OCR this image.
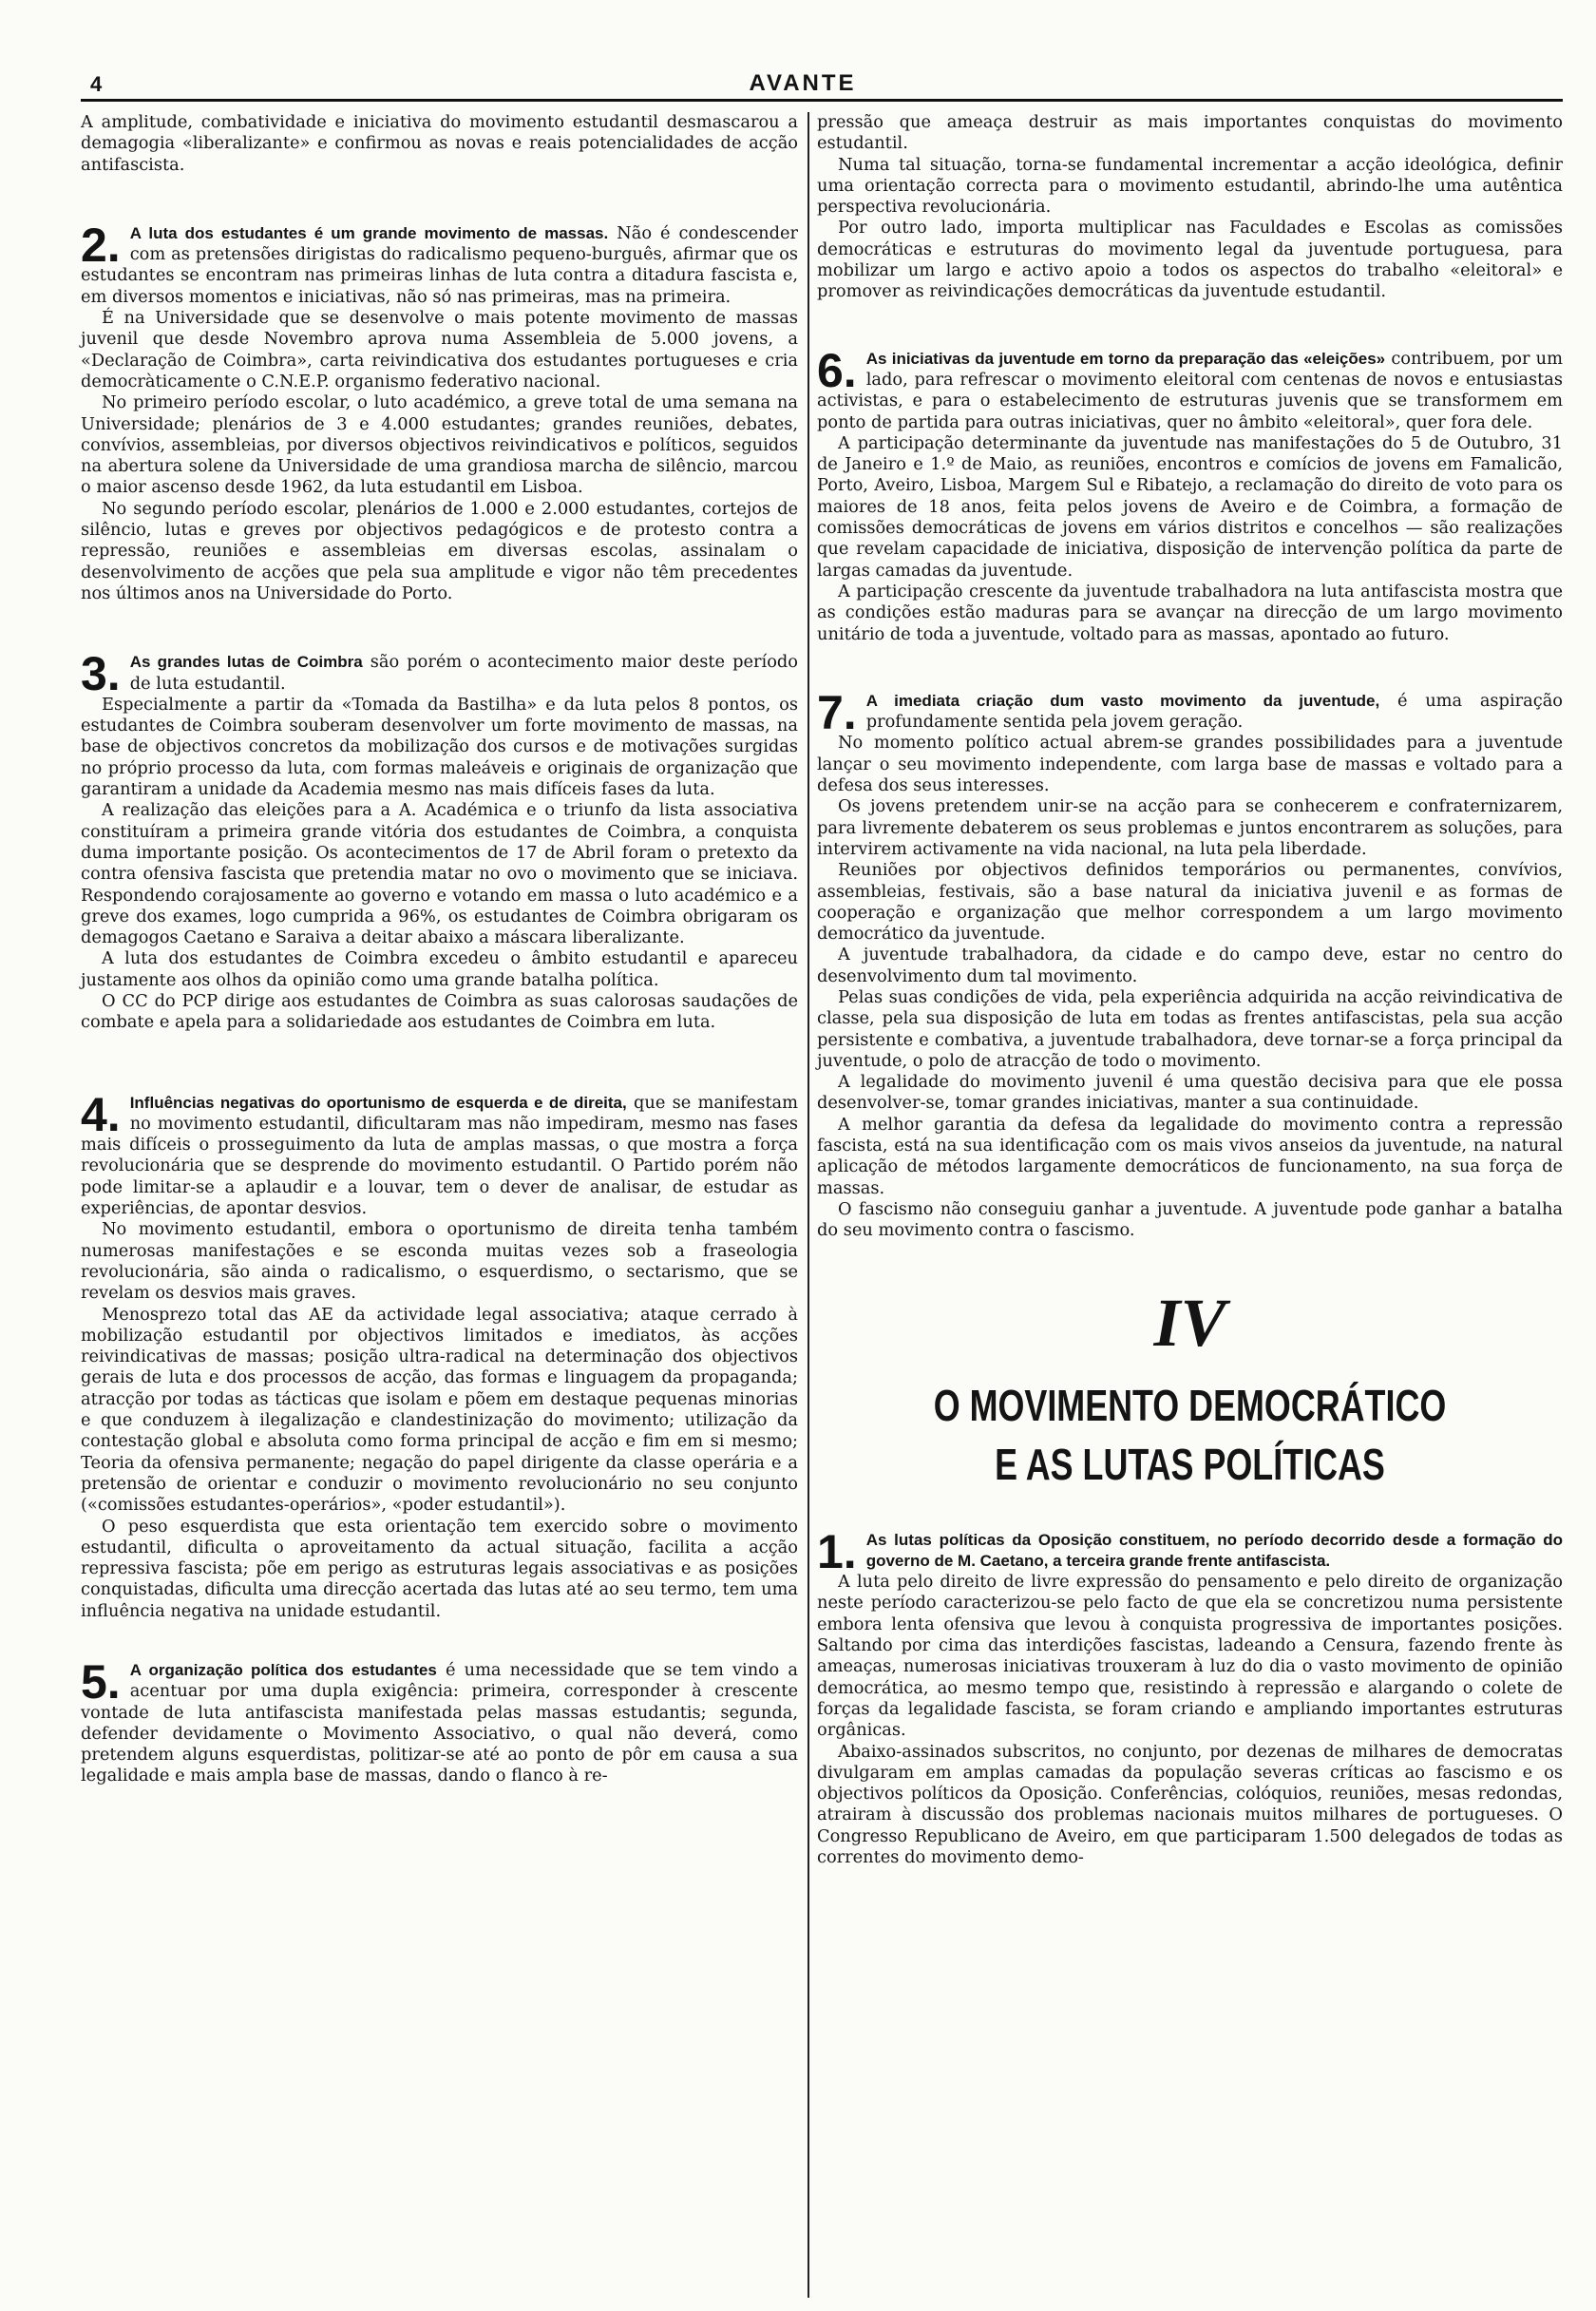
4	AVANTE

A amplitude, combatividade e iniciativa do movimento estudantil desmascarou a demagogia «liberalizante» e confirmou as novas e reais potencialidades de acção antifascista.

2. A luta dos estudantes é um grande movimento de massas. Não é condescender com as pretensões dirigistas do radicalismo pequeno-burguês, afirmar que os estudantes se encontram nas primeiras linhas de luta contra a ditadura fascista e, em diversos momentos e iniciativas, não só nas primeiras, mas na primeira.

É na Universidade que se desenvolve o mais potente movimento de massas juvenil que desde Novembro aprova numa Assembleia de 5.000 jovens, a «Declaração de Coimbra», carta reivindicativa dos estudantes portugueses e cria democràticamente o C.N.E.P. organismo federativo nacional.

No primeiro período escolar, o luto académico, a greve total de uma semana na Universidade; plenários de 3 e 4.000 estudantes; grandes reuniões, debates, convívios, assembleias, por diversos objectivos reivindicativos e políticos, seguidos na abertura solene da Universidade de uma grandiosa marcha de silêncio, marcou o maior ascenso desde 1962, da luta estudantil em Lisboa.

No segundo período escolar, plenários de 1.000 e 2.000 estudantes, cortejos de silêncio, lutas e greves por objectivos pedagógicos e de protesto contra a repressão, reuniões e assembleias em diversas escolas, assinalam o desenvolvimento de acções que pela sua amplitude e vigor não têm precedentes nos últimos anos na Universidade do Porto.

3. As grandes lutas de Coimbra são porém o acontecimento maior deste período de luta estudantil.

Especialmente a partir da «Tomada da Bastilha» e da luta pelos 8 pontos, os estudantes de Coimbra souberam desenvolver um forte movimento de massas, na base de objectivos concretos da mobilização dos cursos e de motivações surgidas no próprio processo da luta, com formas maleáveis e originais de organização que garantiram a unidade da Academia mesmo nas mais difíceis fases da luta.

A realização das eleições para a A. Académica e o triunfo da lista associativa constituíram a primeira grande vitória dos estudantes de Coimbra, a conquista duma importante posição. Os acontecimentos de 17 de Abril foram o pretexto da contra ofensiva fascista que pretendia matar no ovo o movimento que se iniciava. Respondendo corajosamente ao governo e votando em massa o luto académico e a greve dos exames, logo cumprida a 96%, os estudantes de Coimbra obrigaram os demagogos Caetano e Saraiva a deitar abaixo a máscara liberalizante.

A luta dos estudantes de Coimbra excedeu o âmbito estudantil e apareceu justamente aos olhos da opinião como uma grande batalha política.

O CC do PCP dirige aos estudantes de Coimbra as suas calorosas saudações de combate e apela para a solidariedade aos estudantes de Coimbra em luta.

4. Influências negativas do oportunismo de esquerda e de direita, que se manifestam no movimento estudantil, dificultaram mas não impediram, mesmo nas fases mais difíceis o prosseguimento da luta de amplas massas, o que mostra a força revolucionária que se desprende do movimento estudantil. O Partido porém não pode limitar-se a aplaudir e a louvar, tem o dever de analisar, de estudar as experiências, de apontar desvios.

No movimento estudantil, embora o oportunismo de direita tenha também numerosas manifestações e se esconda muitas vezes sob a fraseologia revolucionária, são ainda o radicalismo, o esquerdismo, o sectarismo, que se revelam os desvios mais graves.

Menosprezo total das AE da actividade legal associativa; ataque cerrado à mobilização estudantil por objectivos limitados e imediatos, às acções reivindicativas de massas; posição ultra-radical na determinação dos objectivos gerais de luta e dos processos de acção, das formas e linguagem da propaganda; atracção por todas as tácticas que isolam e põem em destaque pequenas minorias e que conduzem à ilegalização e clandestinização do movimento; utilização da contestação global e absoluta como forma principal de acção e fim em si mesmo; Teoria da ofensiva permanente; negação do papel dirigente da classe operária e a pretensão de orientar e conduzir o movimento revolucionário no seu conjunto («comissões estudantes-operários», «poder estudantil»).

O peso esquerdista que esta orientação tem exercido sobre o movimento estudantil, dificulta o aproveitamento da actual situação, facilita a acção repressiva fascista; põe em perigo as estruturas legais associativas e as posições conquistadas, dificulta uma direcção acertada das lutas até ao seu termo, tem uma influência negativa na unidade estudantil.

5. A organização política dos estudantes é uma necessidade que se tem vindo a acentuar por uma dupla exigência: primeira, corresponder à crescente vontade de luta antifascista manifestada pelas massas estudantis; segunda, defender devidamente o Movimento Associativo, o qual não deverá, como pretendem alguns esquerdistas, politizar-se até ao ponto de pôr em causa a sua legalidade e mais ampla base de massas, dando o flanco à re-

pressão que ameaça destruir as mais importantes conquistas do movimento estudantil.

Numa tal situação, torna-se fundamental incrementar a acção ideológica, definir uma orientação correcta para o movimento estudantil, abrindo-lhe uma autêntica perspectiva revolucionária.

Por outro lado, importa multiplicar nas Faculdades e Escolas as comissões democráticas e estruturas do movimento legal da juventude portuguesa, para mobilizar um largo e activo apoio a todos os aspectos do trabalho «eleitoral» e promover as reivindicações democráticas da juventude estudantil.

6. As iniciativas da juventude em torno da preparação das «eleições» contribuem, por um lado, para refrescar o movimento eleitoral com centenas de novos e entusiastas activistas, e para o estabelecimento de estruturas juvenis que se transformem em ponto de partida para outras iniciativas, quer no âmbito «eleitoral», quer fora dele.

A participação determinante da juventude nas manifestações do 5 de Outubro, 31 de Janeiro e 1.º de Maio, as reuniões, encontros e comícios de jovens em Famalicão, Porto, Aveiro, Lisboa, Margem Sul e Ribatejo, a reclamação do direito de voto para os maiores de 18 anos, feita pelos jovens de Aveiro e de Coimbra, a formação de comissões democráticas de jovens em vários distritos e concelhos — são realizações que revelam capacidade de iniciativa, disposição de intervenção política da parte de largas camadas da juventude.

A participação crescente da juventude trabalhadora na luta antifascista mostra que as condições estão maduras para se avançar na direcção de um largo movimento unitário de toda a juventude, voltado para as massas, apontado ao futuro.

7. A imediata criação dum vasto movimento da juventude, é uma aspiração profundamente sentida pela jovem geração.

No momento político actual abrem-se grandes possibilidades para a juventude lançar o seu movimento independente, com larga base de massas e voltado para a defesa dos seus interesses.

Os jovens pretendem unir-se na acção para se conhecerem e confraternizarem, para livremente debaterem os seus problemas e juntos encontrarem as soluções, para intervirem activamente na vida nacional, na luta pela liberdade.

Reuniões por objectivos definidos temporários ou permanentes, convívios, assembleias, festivais, são a base natural da iniciativa juvenil e as formas de cooperação e organização que melhor correspondem a um largo movimento democrático da juventude.

A juventude trabalhadora, da cidade e do campo deve, estar no centro do desenvolvimento dum tal movimento.

Pelas suas condições de vida, pela experiência adquirida na acção reivindicativa de classe, pela sua disposição de luta em todas as frentes antifascistas, pela sua acção persistente e combativa, a juventude trabalhadora, deve tornar-se a força principal da juventude, o polo de atracção de todo o movimento.

A legalidade do movimento juvenil é uma questão decisiva para que ele possa desenvolver-se, tomar grandes iniciativas, manter a sua continuidade.

A melhor garantia da defesa da legalidade do movimento contra a repressão fascista, está na sua identificação com os mais vivos anseios da juventude, na natural aplicação de métodos largamente democráticos de funcionamento, na sua força de massas.

O fascismo não conseguiu ganhar a juventude. A juventude pode ganhar a batalha do seu movimento contra o fascismo.

IV
O MOVIMENTO DEMOCRÁTICO
E AS LUTAS POLÍTICAS

1. As lutas políticas da Oposição constituem, no período decorrido desde a formação do governo de M. Caetano, a terceira grande frente antifascista.

A luta pelo direito de livre expressão do pensamento e pelo direito de organização neste período caracterizou-se pelo facto de que ela se concretizou numa persistente embora lenta ofensiva que levou à conquista progressiva de importantes posições. Saltando por cima das interdições fascistas, ladeando a Censura, fazendo frente às ameaças, numerosas iniciativas trouxeram à luz do dia o vasto movimento de opinião democrática, ao mesmo tempo que, resistindo à repressão e alargando o colete de forças da legalidade fascista, se foram criando e ampliando importantes estruturas orgânicas.

Abaixo-assinados subscritos, no conjunto, por dezenas de milhares de democratas divulgaram em amplas camadas da população severas críticas ao fascismo e os objectivos políticos da Oposição. Conferências, colóquios, reuniões, mesas redondas, atrairam à discussão dos problemas nacionais muitos milhares de portugueses. O Congresso Republicano de Aveiro, em que participaram 1.500 delegados de todas as correntes do movimento demo-
